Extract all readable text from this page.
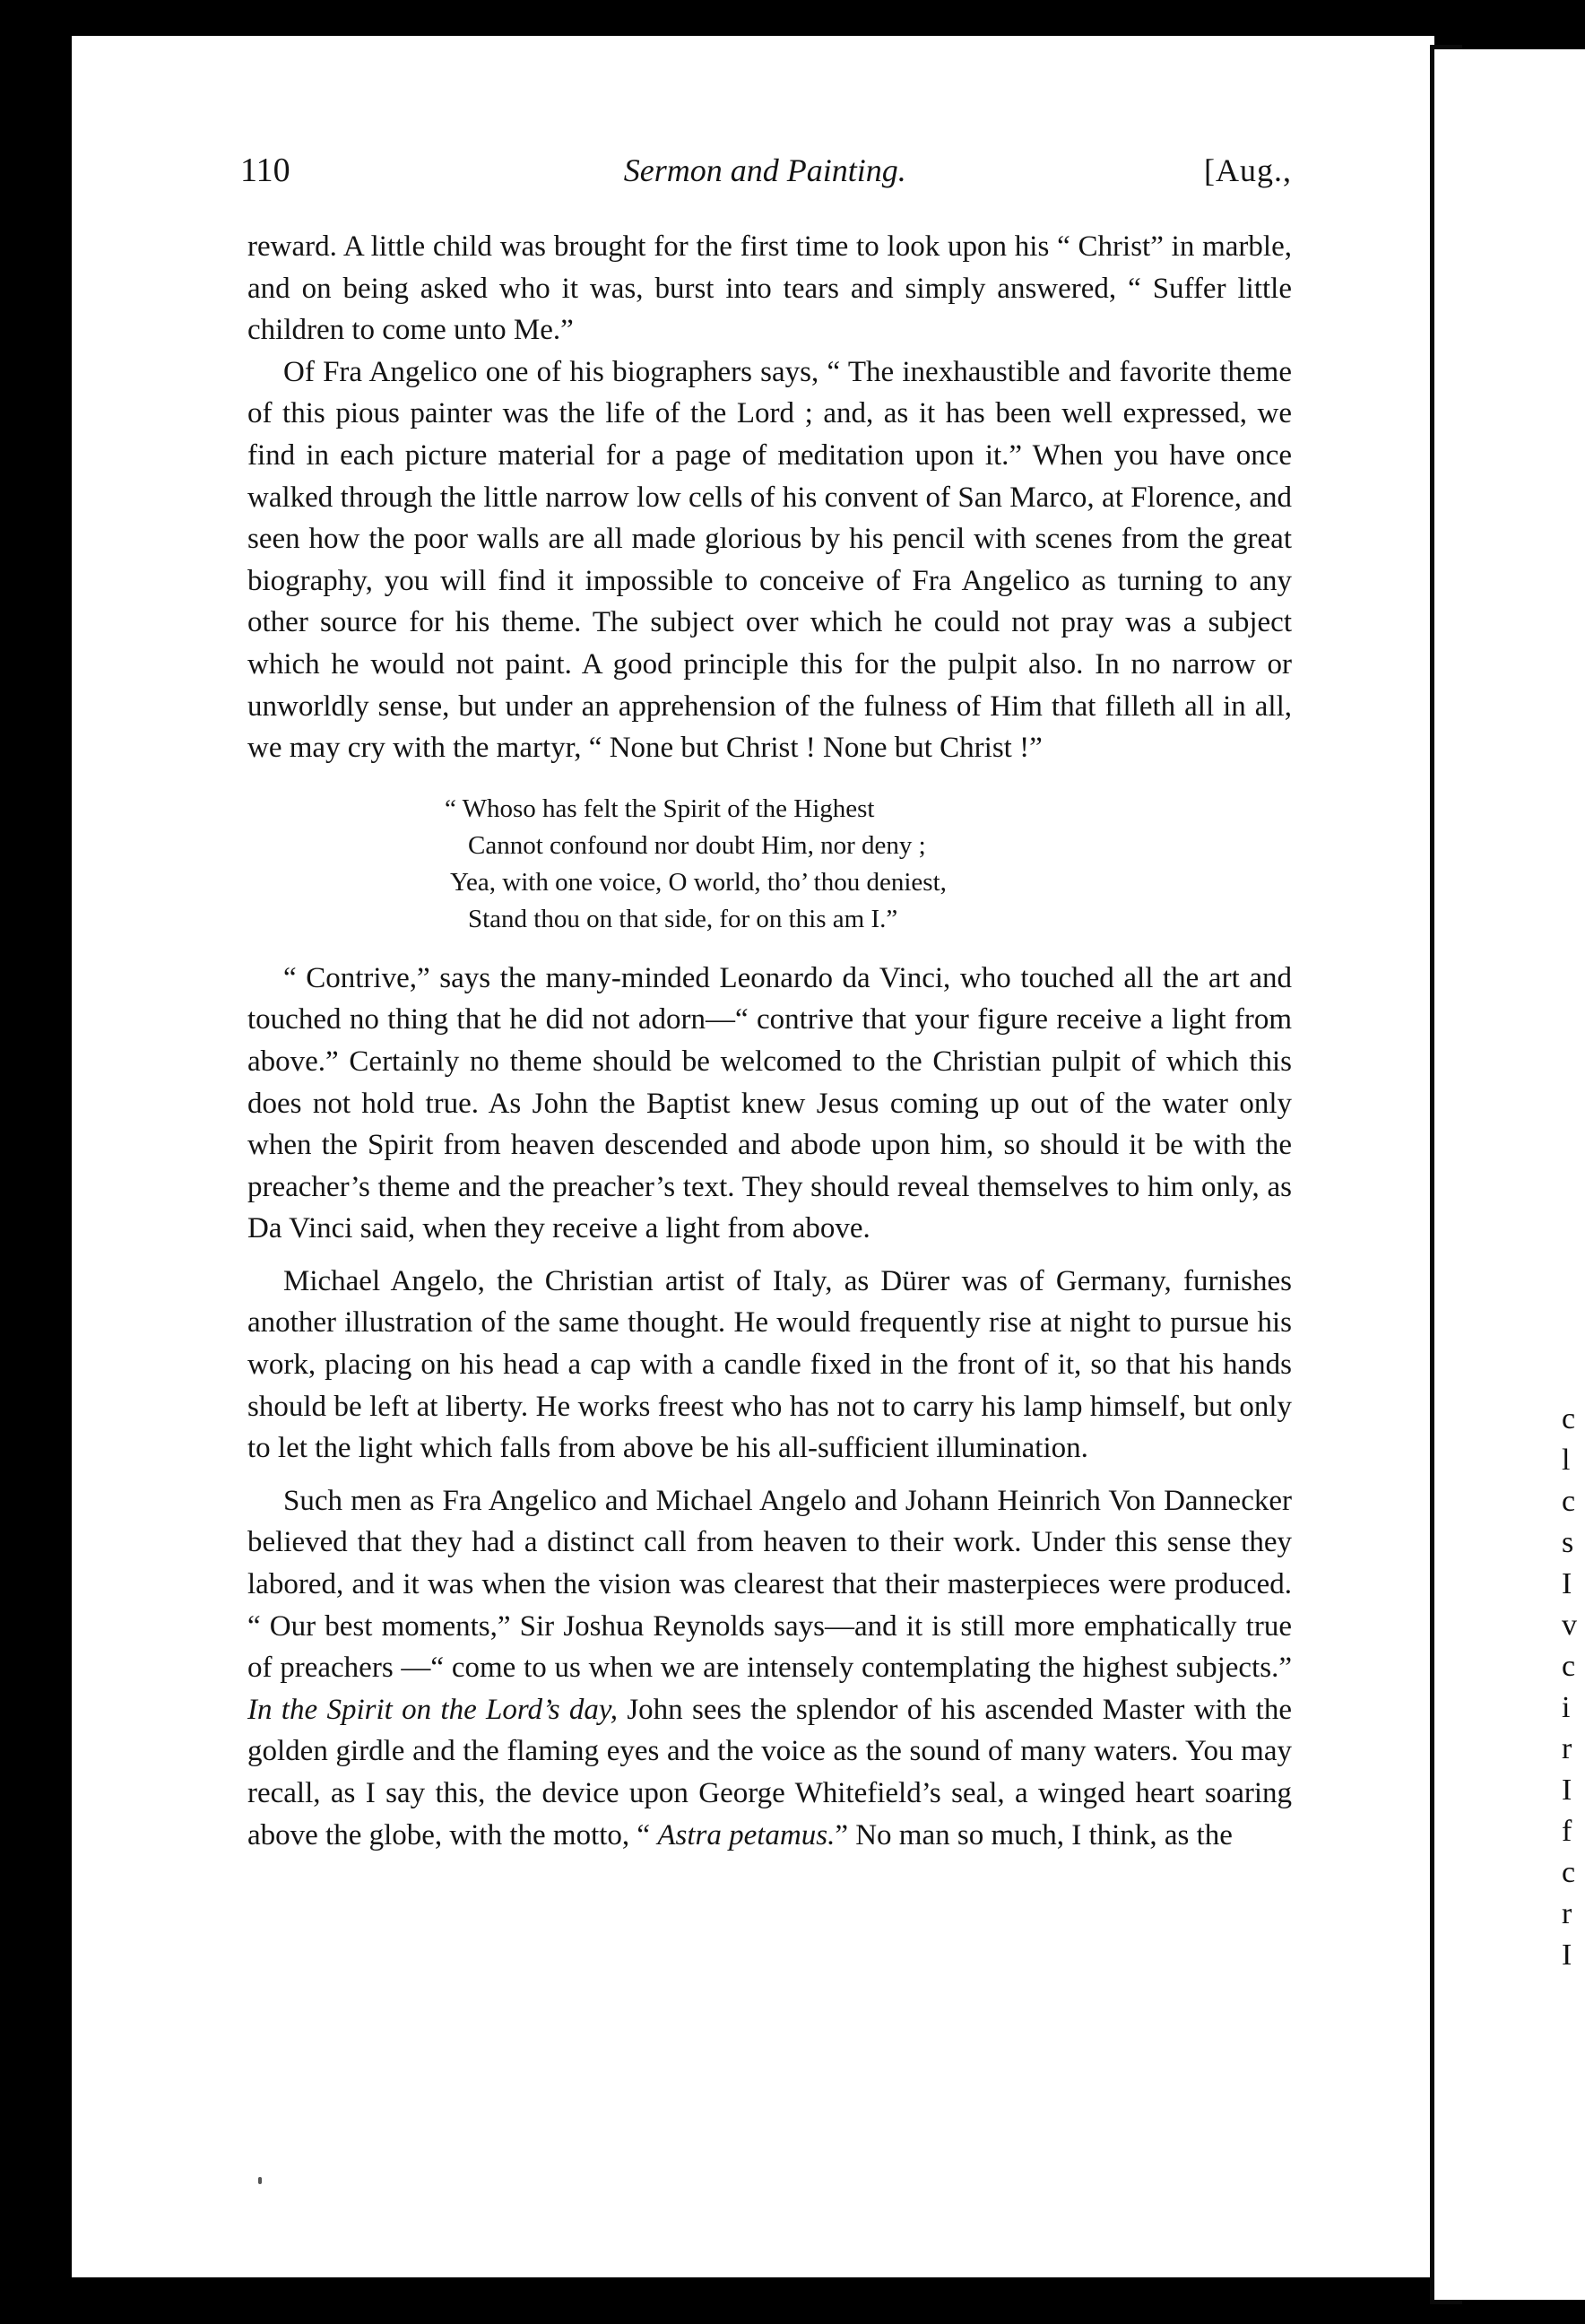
c
l
c
s
I
v
c
i
r
I
f
c
r
I
110	Sermon and Painting.	[Aug.,

reward. A little child was brought for the first time to look upon his “ Christ” in marble, and on being asked who it was, burst into tears and simply answered, “ Suffer little children to come unto Me.”

Of Fra Angelico one of his biographers says, “ The inexhaustible and favorite theme of this pious painter was the life of the Lord ; and, as it has been well expressed, we find in each picture material for a page of meditation upon it.” When you have once walked through the little narrow low cells of his convent of San Marco, at Florence, and seen how the poor walls are all made glorious by his pencil with scenes from the great biography, you will find it impossible to conceive of Fra Angelico as turning to any other source for his theme. The subject over which he could not pray was a subject which he would not paint. A good principle this for the pulpit also. In no narrow or unworldly sense, but under an apprehension of the fulness of Him that filleth all in all, we may cry with the martyr, “ None but Christ ! None but Christ !”

“ Whoso has felt the Spirit of the Highest
Cannot confound nor doubt Him, nor deny ;
Yea, with one voice, O world, tho’ thou deniest,
Stand thou on that side, for on this am I.”

“ Contrive,” says the many-minded Leonardo da Vinci, who touched all the art and touched no thing that he did not adorn—“ contrive that your figure receive a light from above.” Certainly no theme should be welcomed to the Christian pulpit of which this does not hold true. As John the Baptist knew Jesus coming up out of the water only when the Spirit from heaven descended and abode upon him, so should it be with the preacher’s theme and the preacher’s text. They should reveal themselves to him only, as Da Vinci said, when they receive a light from above.

Michael Angelo, the Christian artist of Italy, as Dürer was of Germany, furnishes another illustration of the same thought. He would frequently rise at night to pursue his work, placing on his head a cap with a candle fixed in the front of it, so that his hands should be left at liberty. He works freest who has not to carry his lamp himself, but only to let the light which falls from above be his all-sufficient illumination.

Such men as Fra Angelico and Michael Angelo and Johann Heinrich Von Dannecker believed that they had a distinct call from heaven to their work. Under this sense they labored, and it was when the vision was clearest that their masterpieces were produced. “ Our best moments,” Sir Joshua Reynolds says—and it is still more emphatically true of preachers —“ come to us when we are intensely contemplating the highest subjects.” In the Spirit on the Lord’s day, John sees the splendor of his ascended Master with the golden girdle and the flaming eyes and the voice as the sound of many waters. You may recall, as I say this, the device upon George Whitefield’s seal, a winged heart soaring above the globe, with the motto, “ Astra petamus.” No man so much, I think, as the
